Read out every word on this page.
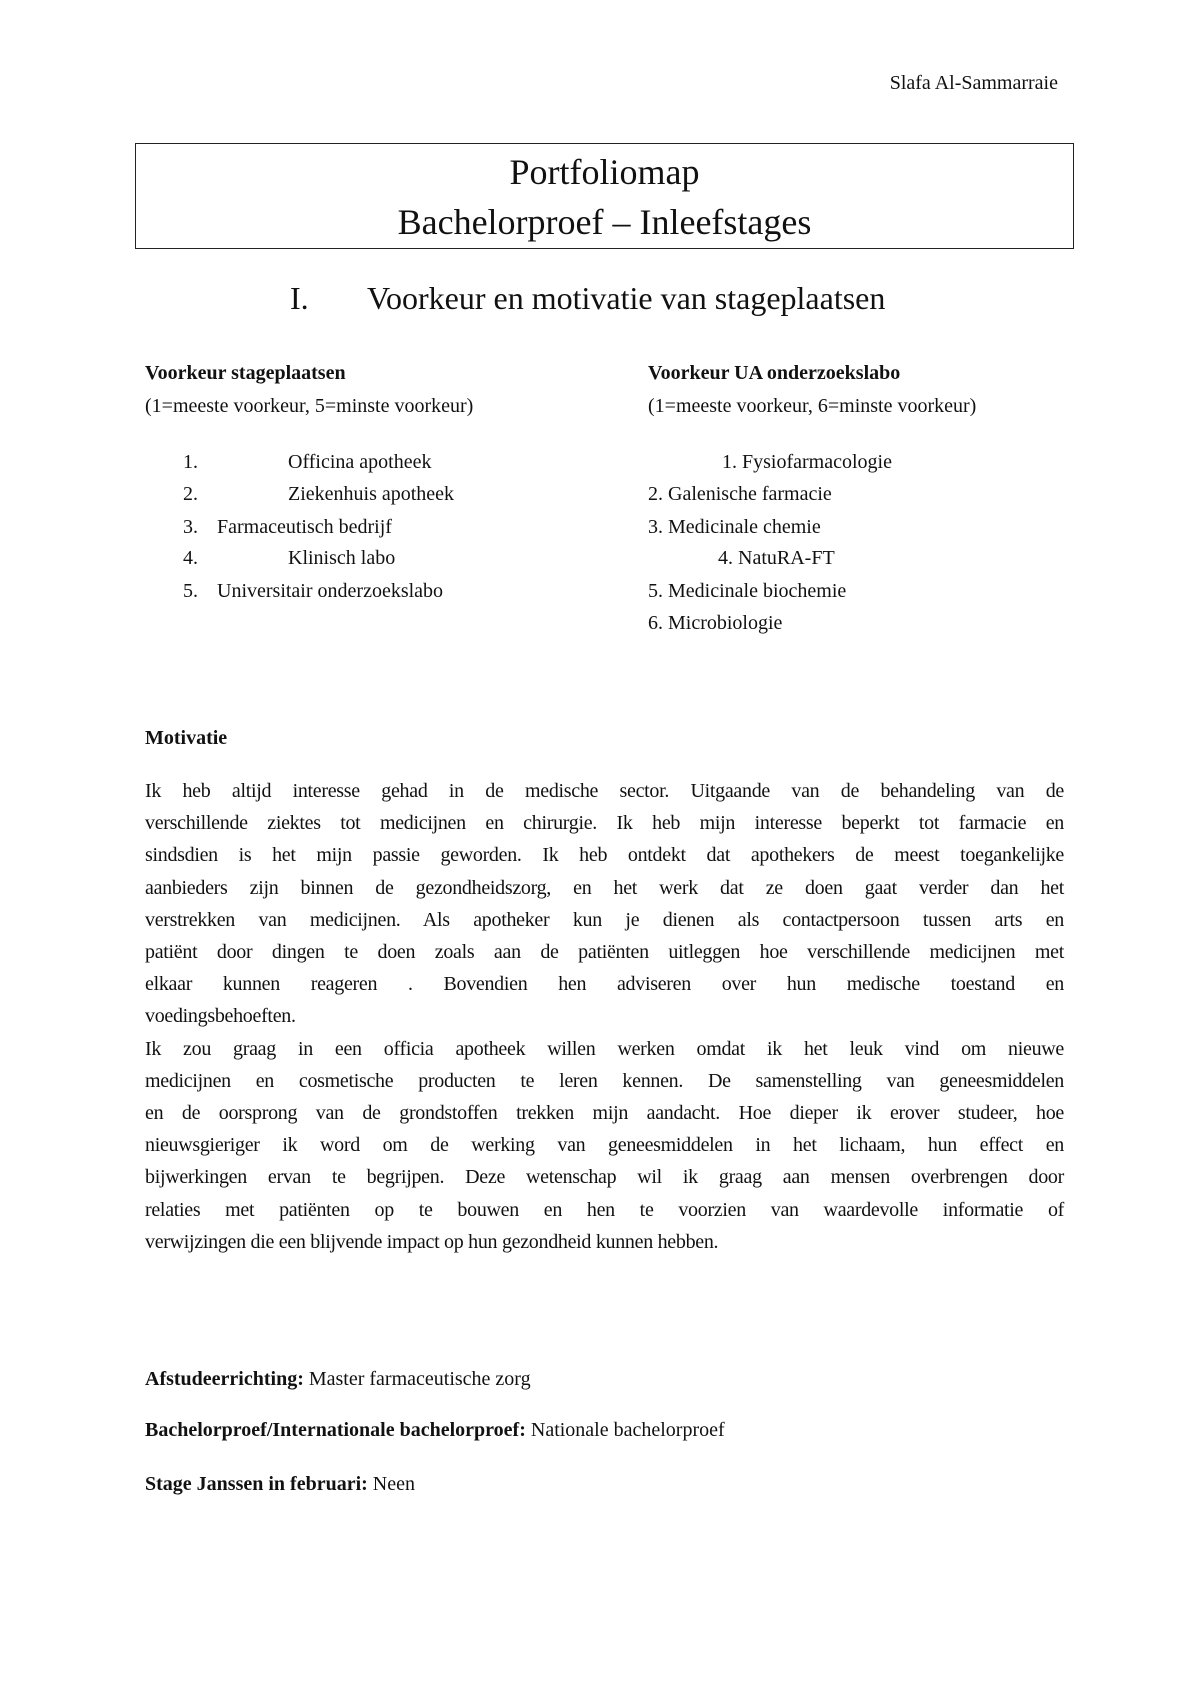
Slafa Al-Sammarraie
Portfoliomap
Bachelorproef – Inleefstages
I. Voorkeur en motivatie van stageplaatsen
Voorkeur stageplaatsen
(1=meeste voorkeur, 5=minste voorkeur)
1.	Officina apotheek
2.	Ziekenhuis apotheek
3. Farmaceutisch bedrijf
4.	Klinisch labo
5. Universitair onderzoekslabo
Voorkeur UA onderzoekslabo
(1=meeste voorkeur, 6=minste voorkeur)
1. Fysiofarmacologie
2. Galenische farmacie
3. Medicinale chemie
4. NatuRA-FT
5. Medicinale biochemie
6. Microbiologie
Motivatie
Ik heb altijd interesse gehad in de medische sector. Uitgaande van de behandeling van de
verschillende ziektes tot medicijnen en chirurgie. Ik heb mijn interesse beperkt tot farmacie en
sindsdien is het mijn passie geworden. Ik heb ontdekt dat apothekers de meest toegankelijke
aanbieders zijn binnen de gezondheidszorg, en het werk dat ze doen gaat verder dan het
verstrekken van medicijnen. Als apotheker kun je dienen als contactpersoon tussen arts en
patiënt door dingen te doen zoals aan de patiënten uitleggen hoe verschillende medicijnen met
elkaar kunnen reageren . Bovendien hen adviseren over hun medische toestand en
voedingsbehoeften.
Ik zou graag in een officia apotheek willen werken omdat ik het leuk vind om nieuwe
medicijnen en cosmetische producten te leren kennen. De samenstelling van geneesmiddelen
en de oorsprong van de grondstoffen trekken mijn aandacht. Hoe dieper ik erover studeer, hoe
nieuwsgieriger ik word om de werking van geneesmiddelen in het lichaam, hun effect en
bijwerkingen ervan te begrijpen. Deze wetenschap wil ik graag aan mensen overbrengen door
relaties met patiënten op te bouwen en hen te voorzien van waardevolle informatie of
verwijzingen die een blijvende impact op hun gezondheid kunnen hebben.
Afstudeerrichting: Master farmaceutische zorg
Bachelorproef/Internationale bachelorproef: Nationale bachelorproef
Stage Janssen in februari: Neen
